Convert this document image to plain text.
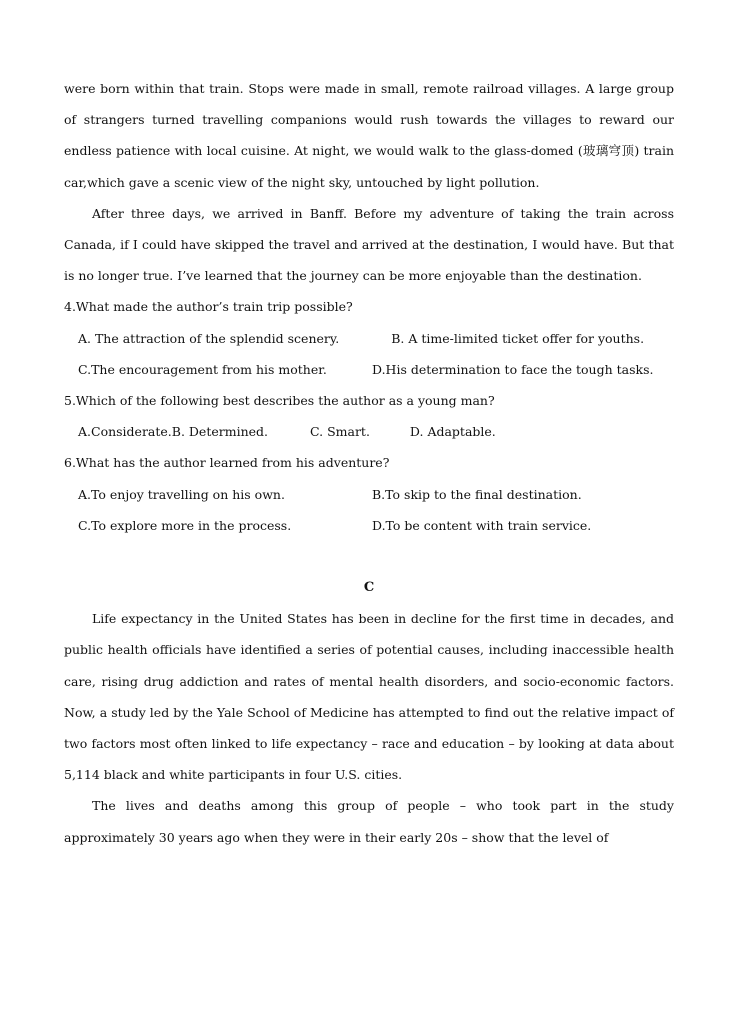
were born within that train. Stops were made in small, remote railroad villages. A large group of strangers turned travelling companions would rush towards the villages to reward our endless patience with local cuisine. At night, we would walk to the glass-domed (玻璃穹顶) train car,which gave a scenic view of the night sky, untouched by light pollution.

After three days, we arrived in Banff. Before my adventure of taking the train across Canada, if I could have skipped the travel and arrived at the destination, I would have. But that is no longer true. I’ve learned that the journey can be more enjoyable than the destination.

4.What made the author’s train trip possible?

A. The attraction of the splendid scenery.	B. A time-limited ticket offer for youths.
C.The encouragement from his mother.	D.His determination to face the tough tasks.

5.Which of the following best describes the author as a young man?

A.Considerate.B. Determined.	C. Smart.	D. Adaptable.

6.What has the author learned from his adventure?

A.To enjoy travelling on his own.	B.To skip to the final destination.
C.To explore more in the process.	D.To be content with train service.

C

Life expectancy in the United States has been in decline for the first time in decades, and public health officials have identified a series of potential causes, including inaccessible health care, rising drug addiction and rates of mental health disorders, and socio-economic factors. Now, a study led by the Yale School of Medicine has attempted to find out the relative impact of two factors most often linked to life expectancy – race and education – by looking at data about 5,114 black and white participants in four U.S. cities.

The lives and deaths among this group of people – who took part in the study approximately 30 years ago when they were in their early 20s – show that the level of
